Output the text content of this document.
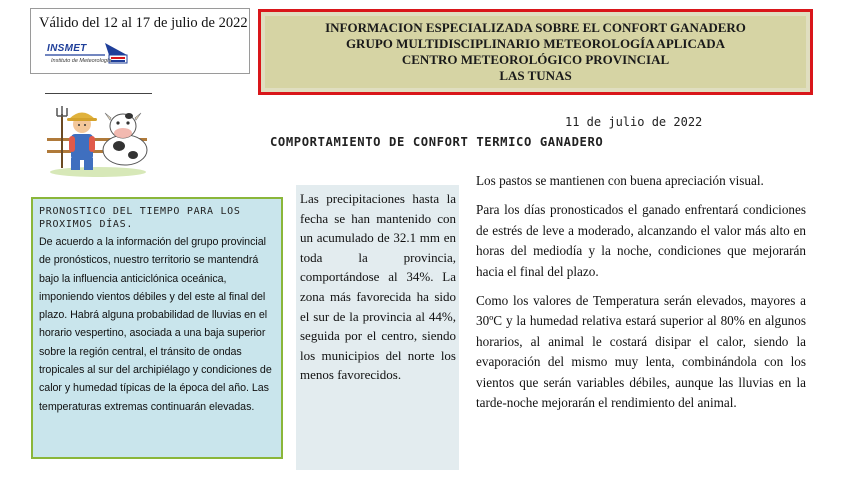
Válido del 12 al 17 de julio de 2022
INSMET
Instituto de Meteorología
INFORMACION ESPECIALIZADA SOBRE EL CONFORT GANADERO
GRUPO MULTIDISCIPLINARIO METEOROLOGÍA APLICADA
CENTRO METEOROLÓGICO PROVINCIAL
LAS TUNAS
11 de julio de 2022
COMPORTAMIENTO DE CONFORT TERMICO GANADERO

PRONOSTICO DEL TIEMPO PARA LOS PROXIMOS DÍAS.

De acuerdo a la información del grupo provincial de pronósticos, nuestro territorio se mantendrá bajo la influencia anticiclónica oceánica, imponiendo vientos débiles y del este al final del plazo. Habrá alguna probabilidad de lluvias en el horario vespertino, asociada a una baja superior sobre la región central, el tránsito de ondas tropicales al sur del archipiélago y condiciones de calor y humedad típicas de la época del año. Las temperaturas extremas continuarán elevadas.

Las precipitaciones hasta la fecha se han mantenido con un acumulado de 32.1 mm en toda la provincia, comportándose al 34%. La zona más favorecida ha sido el sur de la provincia al 44%, seguida por el centro, siendo los municipios del norte los menos favorecidos.

Los pastos se mantienen con buena apreciación visual.

Para los días pronosticados el ganado enfrentará condiciones de estrés de leve a moderado, alcanzando el valor más alto en horas del mediodía y la noche, condiciones que mejorarán hacia el final del plazo.

Como los valores de Temperatura serán elevados, mayores a 30ºC y la humedad relativa estará superior al 80% en algunos horarios, al animal le costará disipar el calor, siendo la evaporación del mismo muy lenta, combinándola con los vientos que serán variables débiles, aunque las lluvias en la tarde-noche mejorarán el rendimiento del animal.
